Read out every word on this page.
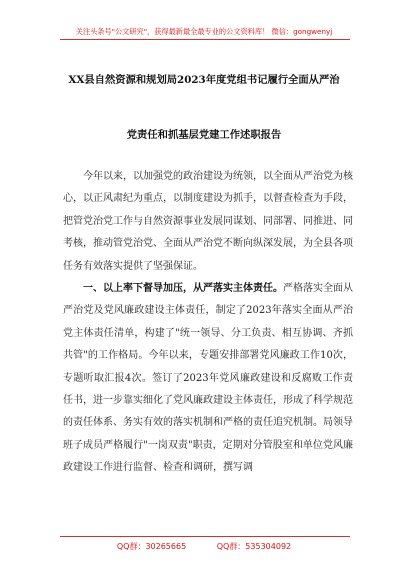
关注头条号"公文研究"，获得最新最全最专业的公文资料库！ 微信：gongwenyj
XX县自然资源和规划局2023年度党组书记履行全面从严治
党责任和抓基层党建工作述职报告

今年以来，以加强党的政治建设为统领，以全面从严治党为核心，以正风肃纪为重点，以制度建设为抓手，以督查检查为手段，把管党治党工作与自然资源事业发展同谋划、同部署、同推进、同考核，推动管党治党、全面从严治党不断向纵深发展，为全县各项任务有效落实提供了坚强保证。

一、以上率下督导加压，从严落实主体责任。严格落实全面从严治党及党风廉政建设主体责任，制定了2023年落实全面从严治党主体责任清单，构建了"统一领导、分工负责、相互协调、齐抓共管"的工作格局。今年以来，专题安排部署党风廉政工作10次，专题听取汇报4次。签订了2023年党风廉政建设和反腐败工作责任书，进一步靠实细化了党风廉政建设主体责任，形成了科学规范的责任体系、务实有效的落实机制和严格的责任追究机制。局领导班子成员严格履行"一岗双责"职责，定期对分管股室和单位党风廉政建设工作进行监督、检查和调研，撰写调

QQ群：30265665	QQ群：535304092
